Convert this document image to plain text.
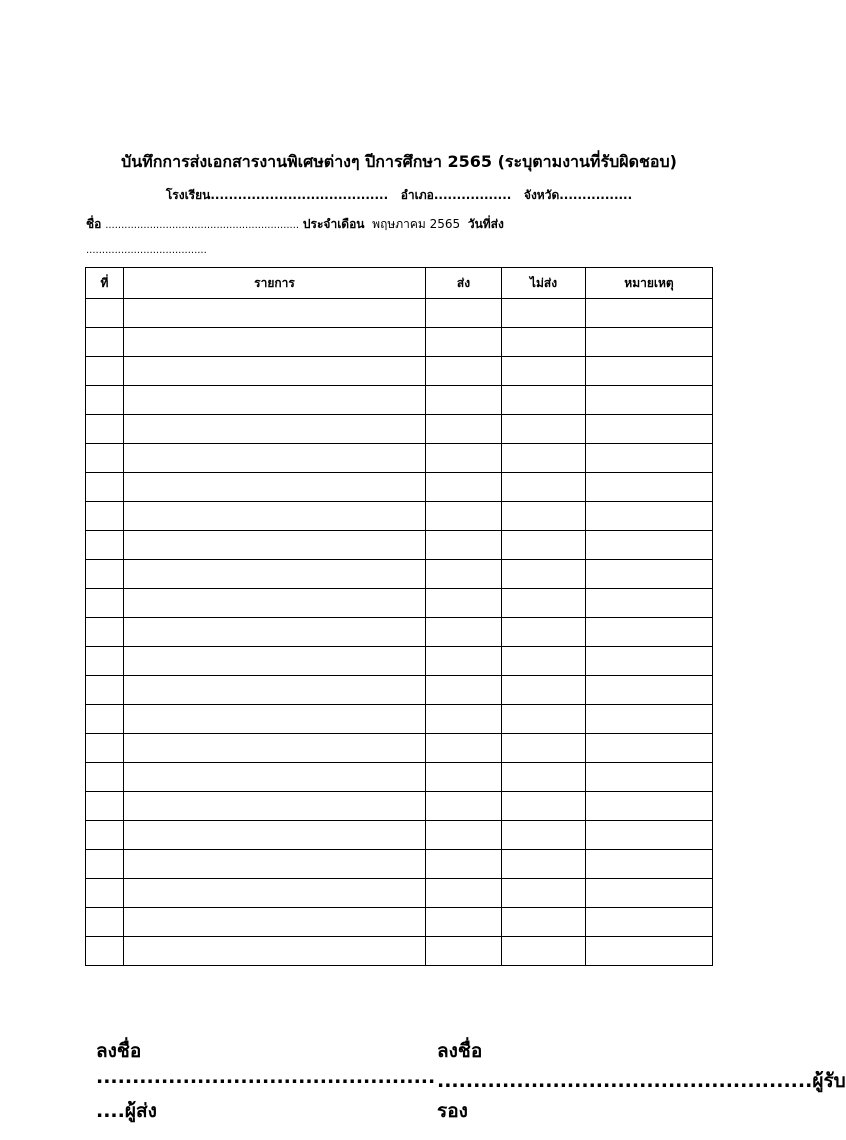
บันทึกการส่งเอกสารงานพิเศษต่างๆ ปีการศึกษา 2565 (ระบุตามงานที่รับผิดชอบ)
โรงเรียน....................................... อำเภอ................. จังหวัด................
ชื่อ ............................................................. ประจำเดือน พฤษภาคม 2565 วันที่ส่ง
......................................
ที่	รายการ	ส่ง	ไม่ส่ง	หมายเหตุ

ลงชื่อ
...............................................
....ผู้ส่ง
ลงชื่อ
....................................................ผู้รับ
รอง
